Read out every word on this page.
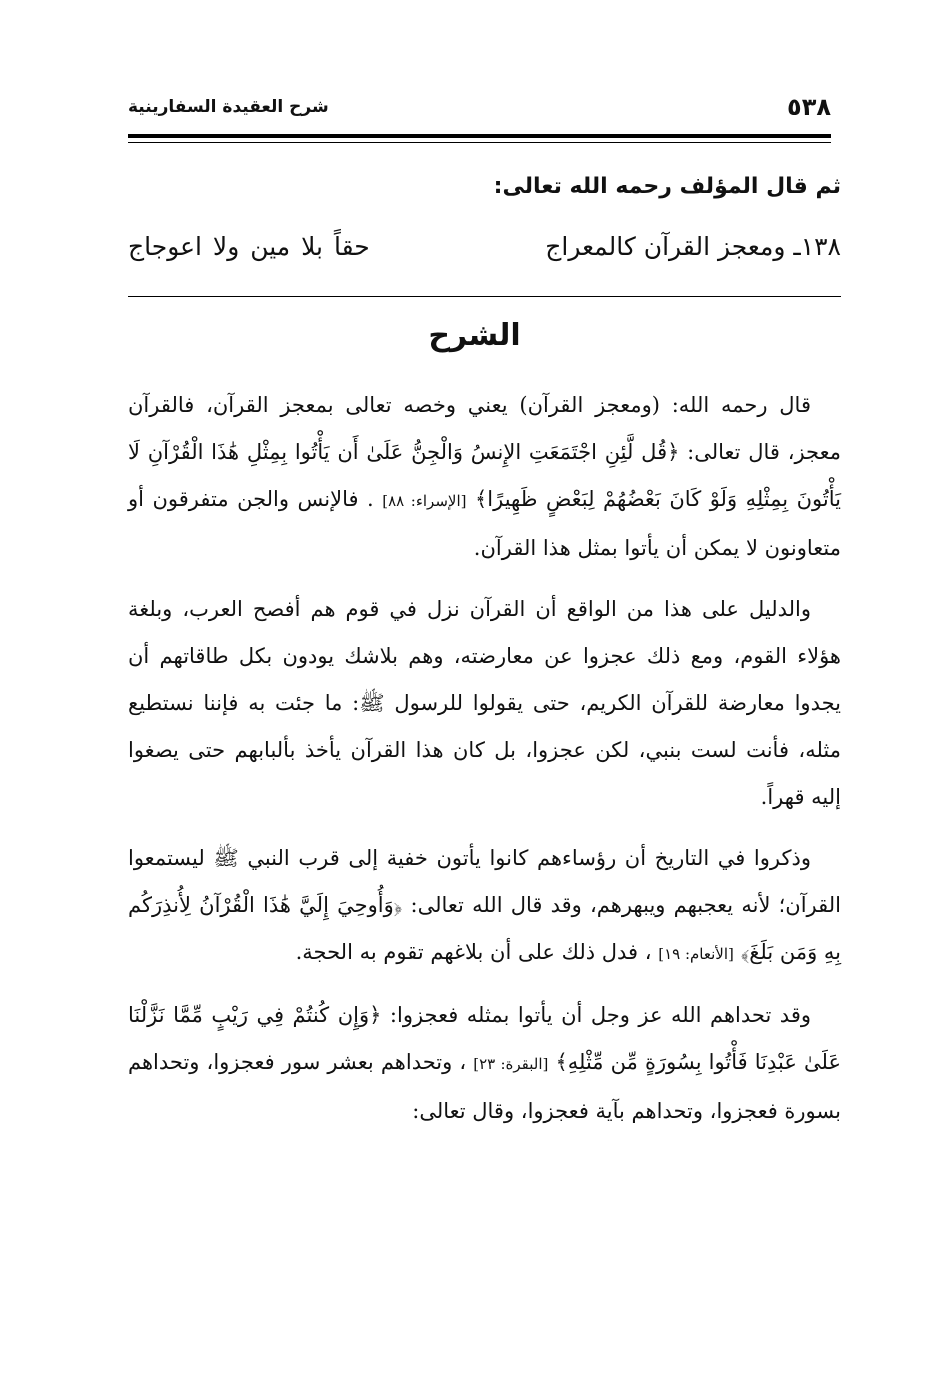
٥٣٨
شرح العقيدة السفارينية
ثم قال المؤلف رحمه الله تعالى:
١٣٨ـ ومعجز القرآن كالمعراج
حقاً بلا مين ولا اعوجاج
الشرح

قال رحمه الله: (ومعجز القرآن) يعني وخصه تعالى بمعجز القرآن، فالقرآن معجز، قال تعالى: ﴿قُل لَّئِنِ اجْتَمَعَتِ الإِنسُ وَالْجِنُّ عَلَىٰ أَن يَأْتُوا بِمِثْلِ هَٰذَا الْقُرْآنِ لَا يَأْتُونَ بِمِثْلِهِ وَلَوْ كَانَ بَعْضُهُمْ لِبَعْضٍ ظَهِيرًا﴾ [الإسراء: ٨٨] . فالإنس والجن متفرقون أو متعاونون لا يمكن أن يأتوا بمثل هذا القرآن.

والدليل على هذا من الواقع أن القرآن نزل في قوم هم أفصح العرب، وبلغة هؤلاء القوم، ومع ذلك عجزوا عن معارضته، وهم بلاشك يودون بكل طاقاتهم أن يجدوا معارضة للقرآن الكريم، حتى يقولوا للرسول ﷺ: ما جئت به فإننا نستطيع مثله، فأنت لست بنبي، لكن عجزوا، بل كان هذا القرآن يأخذ بألبابهم حتى يصغوا إليه قهراً.

وذكروا في التاريخ أن رؤساءهم كانوا يأتون خفية إلى قرب النبي ﷺ ليستمعوا القرآن؛ لأنه يعجبهم ويبهرهم، وقد قال الله تعالى: ﴿وَأُوحِيَ إِلَيَّ هَٰذَا الْقُرْآنُ لِأُنذِرَكُم بِهِ وَمَن بَلَغَ﴾ [الأنعام: ١٩] ، فدل ذلك على أن بلاغهم تقوم به الحجة.

وقد تحداهم الله عز وجل أن يأتوا بمثله فعجزوا: ﴿وَإِن كُنتُمْ فِي رَيْبٍ مِّمَّا نَزَّلْنَا عَلَىٰ عَبْدِنَا فَأْتُوا بِسُورَةٍ مِّن مِّثْلِهِ﴾ [البقرة: ٢٣] ، وتحداهم بعشر سور فعجزوا، وتحداهم بسورة فعجزوا، وتحداهم بآية فعجزوا، وقال تعالى:
